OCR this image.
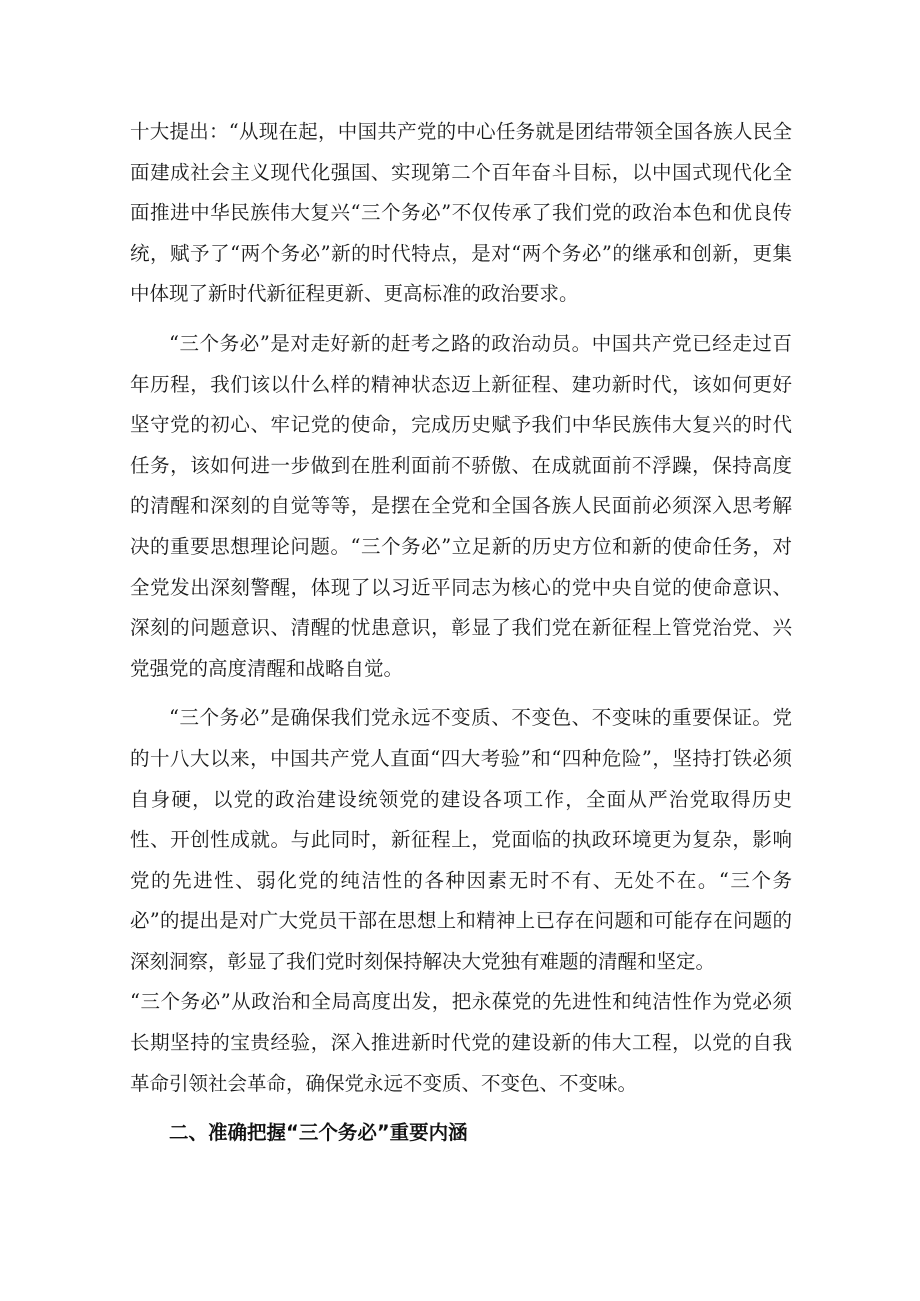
十大提出：“从现在起，中国共产党的中心任务就是团结带领全国各族人民全面建成社会主义现代化强国、实现第二个百年奋斗目标，以中国式现代化全面推进中华民族伟大复兴“三个务必”不仅传承了我们党的政治本色和优良传统，赋予了“两个务必”新的时代特点，是对“两个务必”的继承和创新，更集中体现了新时代新征程更新、更高标准的政治要求。

“三个务必”是对走好新的赶考之路的政治动员。中国共产党已经走过百年历程，我们该以什么样的精神状态迈上新征程、建功新时代，该如何更好坚守党的初心、牢记党的使命，完成历史赋予我们中华民族伟大复兴的时代任务，该如何进一步做到在胜利面前不骄傲、在成就面前不浮躁，保持高度的清醒和深刻的自觉等等，是摆在全党和全国各族人民面前必须深入思考解决的重要思想理论问题。“三个务必”立足新的历史方位和新的使命任务，对全党发出深刻警醒，体现了以习近平同志为核心的党中央自觉的使命意识、深刻的问题意识、清醒的忧患意识，彰显了我们党在新征程上管党治党、兴党强党的高度清醒和战略自觉。

“三个务必”是确保我们党永远不变质、不变色、不变味的重要保证。党的十八大以来，中国共产党人直面“四大考验”和“四种危险”，坚持打铁必须自身硬，以党的政治建设统领党的建设各项工作，全面从严治党取得历史性、开创性成就。与此同时，新征程上，党面临的执政环境更为复杂，影响党的先进性、弱化党的纯洁性的各种因素无时不有、无处不在。“三个务必”的提出是对广大党员干部在思想上和精神上已存在问题和可能存在问题的深刻洞察，彰显了我们党时刻保持解决大党独有难题的清醒和坚定。

“三个务必”从政治和全局高度出发，把永葆党的先进性和纯洁性作为党必须长期坚持的宝贵经验，深入推进新时代党的建设新的伟大工程，以党的自我革命引领社会革命，确保党永远不变质、不变色、不变味。

二、准确把握“三个务必”重要内涵
